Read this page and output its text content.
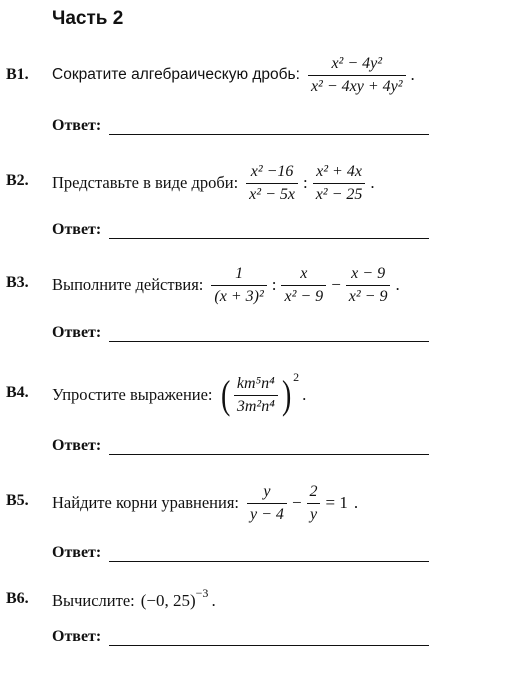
Часть 2
B1. Сократите алгебраическую дробь: $\frac{\text{x² − 4y²}}{\text{x² − 4xy + 4y²}}$ .
Ответ:
B2. Представьте в виде дроби: $\frac{\text{x² −16}}{\text{x² − 5x}}$ : $\frac{\text{x² + 4x}}{\text{x² − 25}}$ .
Ответ:
B3. Выполните действия: $\frac{1}{\text{(x + 3)²}}$ : $\frac{x}{\text{x² − 9}} - \frac{x - 9}{\text{x² − 9}}$ .
Ответ:
B4. Упростите выражение: ( $\frac{\text{km⁵n⁴}}{\text{3m²n⁴}}$ ) 2
.
Ответ:
B5. Найдите корни уравнения: $\frac{y}{y - 4} - \frac{2}{y} = 1$ .
Ответ:
B6. Вычислите: (−0, 25) −3 .
Ответ:
